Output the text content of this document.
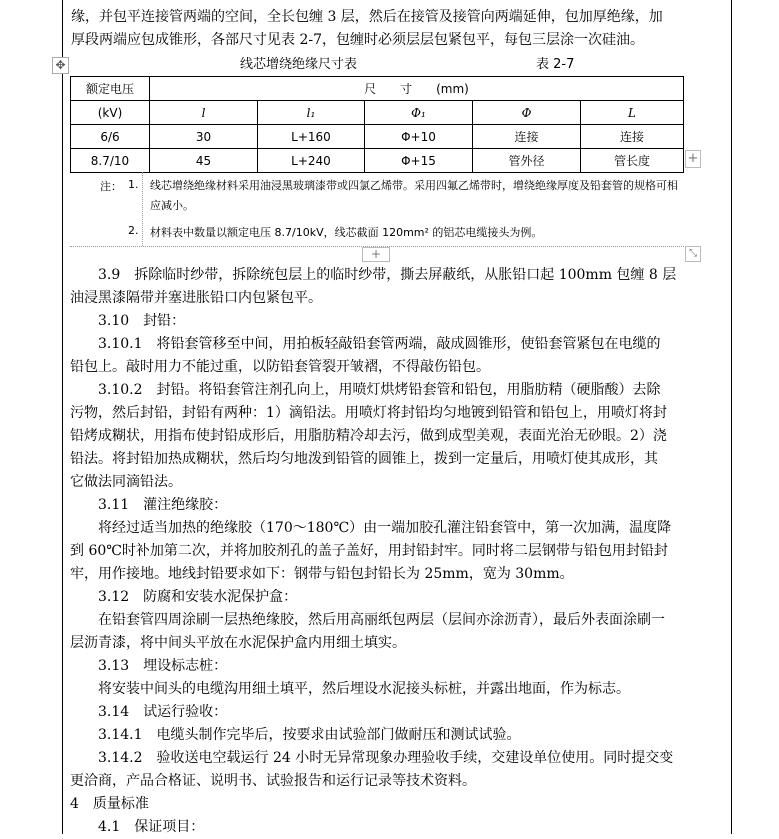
缘，并包平连接管两端的空间，全长包缠 3 层，然后在接管及接管向两端延伸，包加厚绝缘，加
厚段两端应包成锥形，各部尺寸见表 2-7，包缠时必须层层包紧包平，每包三层涂一次硅油。
✥	线芯增绕绝缘尺寸表	表 2-7
额定电压	尺　　寸　　(mm)				
(kV)	l	l₁	Φ₁	Φ	L
6/6	30	L+160	Φ+10	连接	连接
8.7/10	45	L+240	Φ+15	管外径	管长度
注： 1. 线芯增绕绝缘材料采用油浸黑玻璃漆带或四氯乙烯带。采用四氟乙烯带时，增绕绝缘厚度及铅套管的规格可相应减小。
2. 材料表中数量以额定电压 8.7/10kV，线芯截面 120mm² 的铝芯电缆接头为例。
+
+	⤡
　　3.9　拆除临时纱带，拆除统包层上的临时纱带，撕去屏蔽纸，从胀铅口起 100mm 包缠 8 层
油浸黑漆隔带并塞进胀铅口内包紧包平。
　　3.10　封铅：
　　3.10.1　将铅套管移至中间，用拍板轻敲铅套管两端，敲成圆锥形，使铅套管紧包在电缆的
铅包上。敲时用力不能过重，以防铅套管裂开皱褶，不得敲伤铅包。
　　3.10.2　封铅。将铅套管注剂孔向上，用喷灯烘烤铅套管和铅包，用脂肪精（硬脂酸）去除
污物，然后封铅，封铅有两种：1）滴铅法。用喷灯将封铅均匀地镀到铅管和铅包上，用喷灯将封
铅烤成糊状，用指布使封铅成形后，用脂肪精冷却去污，做到成型美观，表面光治无砂眼。2）浇
铅法。将封铅加热成糊状，然后均匀地泼到铅管的圆锥上，拨到一定量后，用喷灯使其成形，其
它做法同滴铅法。
　　3.11　灌注绝缘胶：
　　将经过适当加热的绝缘胶（170～180℃）由一端加胶孔灌注铅套管中，第一次加满，温度降
到 60℃时补加第二次，并将加胶剂孔的盖子盖好，用封铅封牢。同时将二层钢带与铅包用封铅封
牢，用作接地。地线封铅要求如下：钢带与铅包封铅长为 25mm，宽为 30mm。
　　3.12　防腐和安装水泥保护盒：
　　在铅套管四周涂刷一层热绝缘胶，然后用高丽纸包两层（层间亦涂沥青），最后外表面涂刷一
层沥青漆，将中间头平放在水泥保护盒内用细土填实。
　　3.13　埋设标志桩：
　　将安装中间头的电缆沟用细土填平，然后埋设水泥接头标桩，并露出地面，作为标志。
　　3.14　试运行验收：
　　3.14.1　电缆头制作完毕后，按要求由试验部门做耐压和测试试验。
　　3.14.2　验收送电空载运行 24 小时无异常现象办理验收手续，交建设单位使用。同时提交变
更洽商，产品合格证、说明书、试验报告和运行记录等技术资料。
4　质量标准
　　4.1　保证项目：
